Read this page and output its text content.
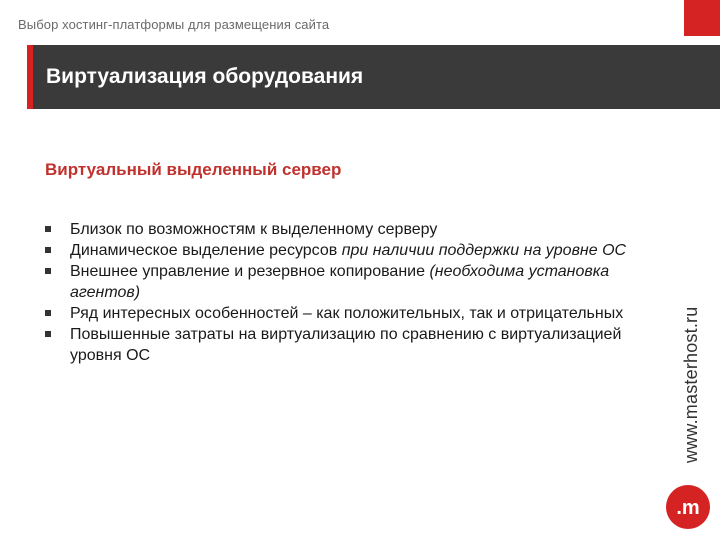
Выбор хостинг-платформы для размещения сайта
Виртуализация оборудования
Виртуальный выделенный сервер
Близок по возможностям к выделенному серверу
Динамическое выделение ресурсов при наличии поддержки на уровне ОС
Внешнее управление и резервное копирование (необходима установка агентов)
Ряд интересных особенностей – как положительных, так и отрицательных
Повышенные затраты на виртуализацию по сравнению с виртуализацией уровня ОС	www.masterhost.ru
.m
